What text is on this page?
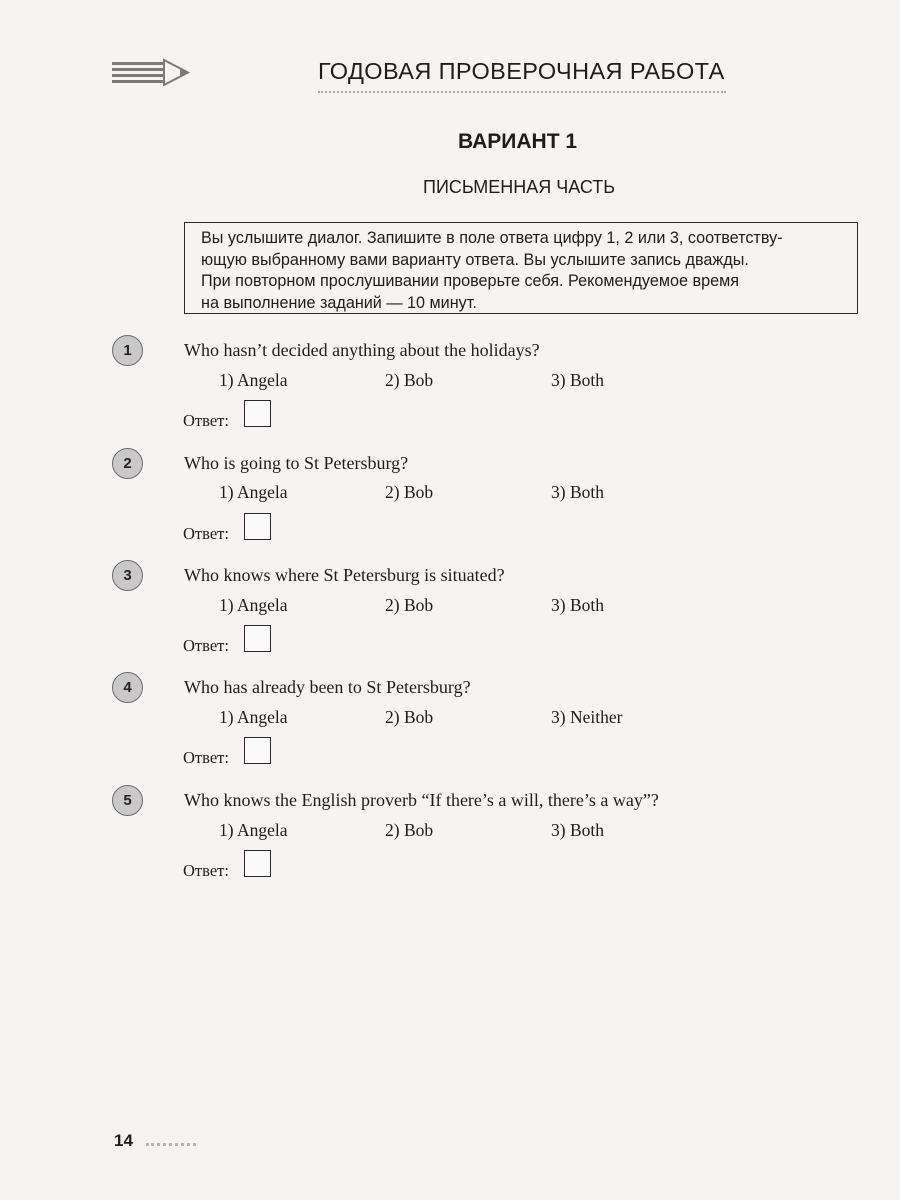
ГОДОВАЯ ПРОВЕРОЧНАЯ РАБОТА
ВАРИАНТ 1
ПИСЬМЕННАЯ ЧАСТЬ

Вы услышите диалог. Запишите в поле ответа цифру 1, 2 или 3, соответству-

ющую выбранному вами варианту ответа. Вы услышите запись дважды.

При повторном прослушивании проверьте себя. Рекомендуемое время

на выполнение заданий — 10 минут.

1	Who hasn’t decided anything about the holidays?
1) Angela	2) Bob	3) Both
Ответ:
2	Who is going to St Petersburg?
1) Angela	2) Bob	3) Both
Ответ:
3	Who knows where St Petersburg is situated?
1) Angela	2) Bob	3) Both
Ответ:
4	Who has already been to St Petersburg?
1) Angela	2) Bob	3) Neither
Ответ:
5	Who knows the English proverb “If there’s a will, there’s a way”?
1) Angela	2) Bob	3) Both
Ответ:
14
